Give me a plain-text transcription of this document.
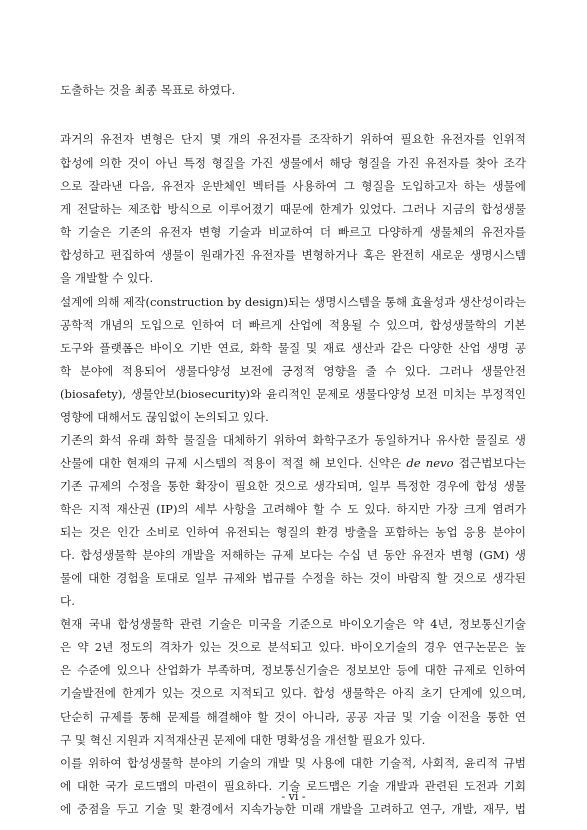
도출하는 것을 최종 목표로 하였다.
과거의 유전자 변형은 단지 몇 개의 유전자를 조작하기 위하여 필요한 유전자를 인위적
합성에 의한 것이 아닌 특정 형질을 가진 생물에서 해당 형질을 가진 유전자를 찾아 조각
으로 잘라낸 다음, 유전자 운반체인 벡터를 사용하여 그 형질을 도입하고자 하는 생물에
게 전달하는 제조합 방식으로 이루어졌기 때문에 한계가 있었다. 그러나 지금의 합성생물
학 기술은 기존의 유전자 변형 기술과 비교하여 더 빠르고 다양하게 생물체의 유전자를
합성하고 편집하여 생물이 원래가진 유전자를 변형하거나 혹은 완전히 새로운 생명시스템
을 개발할 수 있다.
설계에 의해 제작(construction by design)되는 생명시스템을 통해 효율성과 생산성이라는
공학적 개념의 도입으로 인하여 더 빠르게 산업에 적용될 수 있으며, 합성생물학의 기본
도구와 플랫폼은 바이오 기반 연료, 화학 물질 및 재료 생산과 같은 다양한 산업 생명 공
학 분야에 적용되어 생물다양성 보전에 긍정적 영향을 줄 수 있다. 그러나 생물안전
(biosafety), 생물안보(biosecurity)와 윤리적인 문제로 생물다양성 보전 미치는 부정적인
영향에 대해서도 끊임없이 논의되고 있다.
기존의 화석 유래 화학 물질을 대체하기 위하여 화학구조가 동일하거나 유사한 물질로 생
산물에 대한 현재의 규제 시스템의 적용이 적절 해 보인다. 신약은 de nevo 접근법보다는
기존 규제의 수정을 통한 확장이 필요한 것으로 생각되며, 일부 특정한 경우에 합성 생물
학은 지적 재산권 (IP)의 세부 사항을 고려해야 할 수 도 있다. 하지만 가장 크게 염려가
되는 것은 인간 소비로 인하여 유전되는 형질의 환경 방출을 포함하는 농업 응용 분야이
다. 합성생물학 분야의 개발을 저해하는 규제 보다는 수십 년 동안 유전자 변형 (GM) 생
물에 대한 경험을 토대로 일부 규제와 법규를 수정을 하는 것이 바람직 할 것으로 생각된
다.
현재 국내 합성생물학 관련 기술은 미국을 기준으로 바이오기술은 약 4년, 정보통신기술
은 약 2년 정도의 격차가 있는 것으로 분석되고 있다. 바이오기술의 경우 연구논문은 높
은 수준에 있으나 산업화가 부족하며, 정보통신기술은 정보보안 등에 대한 규제로 인하여
기술발전에 한계가 있는 것으로 지적되고 있다. 합성 생물학은 아직 초기 단계에 있으며,
단순히 규제를 통해 문제를 해결해야 할 것이 아니라, 공공 자금 및 기술 이전을 통한 연
구 및 혁신 지원과 지적재산권 문제에 대한 명확성을 개선할 필요가 있다.
이를 위하여 합성생물학 분야의 기술의 개발 및 사용에 대한 기술적, 사회적, 윤리적 규범
에 대한 국가 로드맵의 마련이 필요하다. 기술 로드맵은 기술 개발과 관련된 도전과 기회
에 중점을 두고 기술 및 환경에서 지속가능한 미래 개발을 고려하고 연구, 개발, 재무, 법
- vi -
